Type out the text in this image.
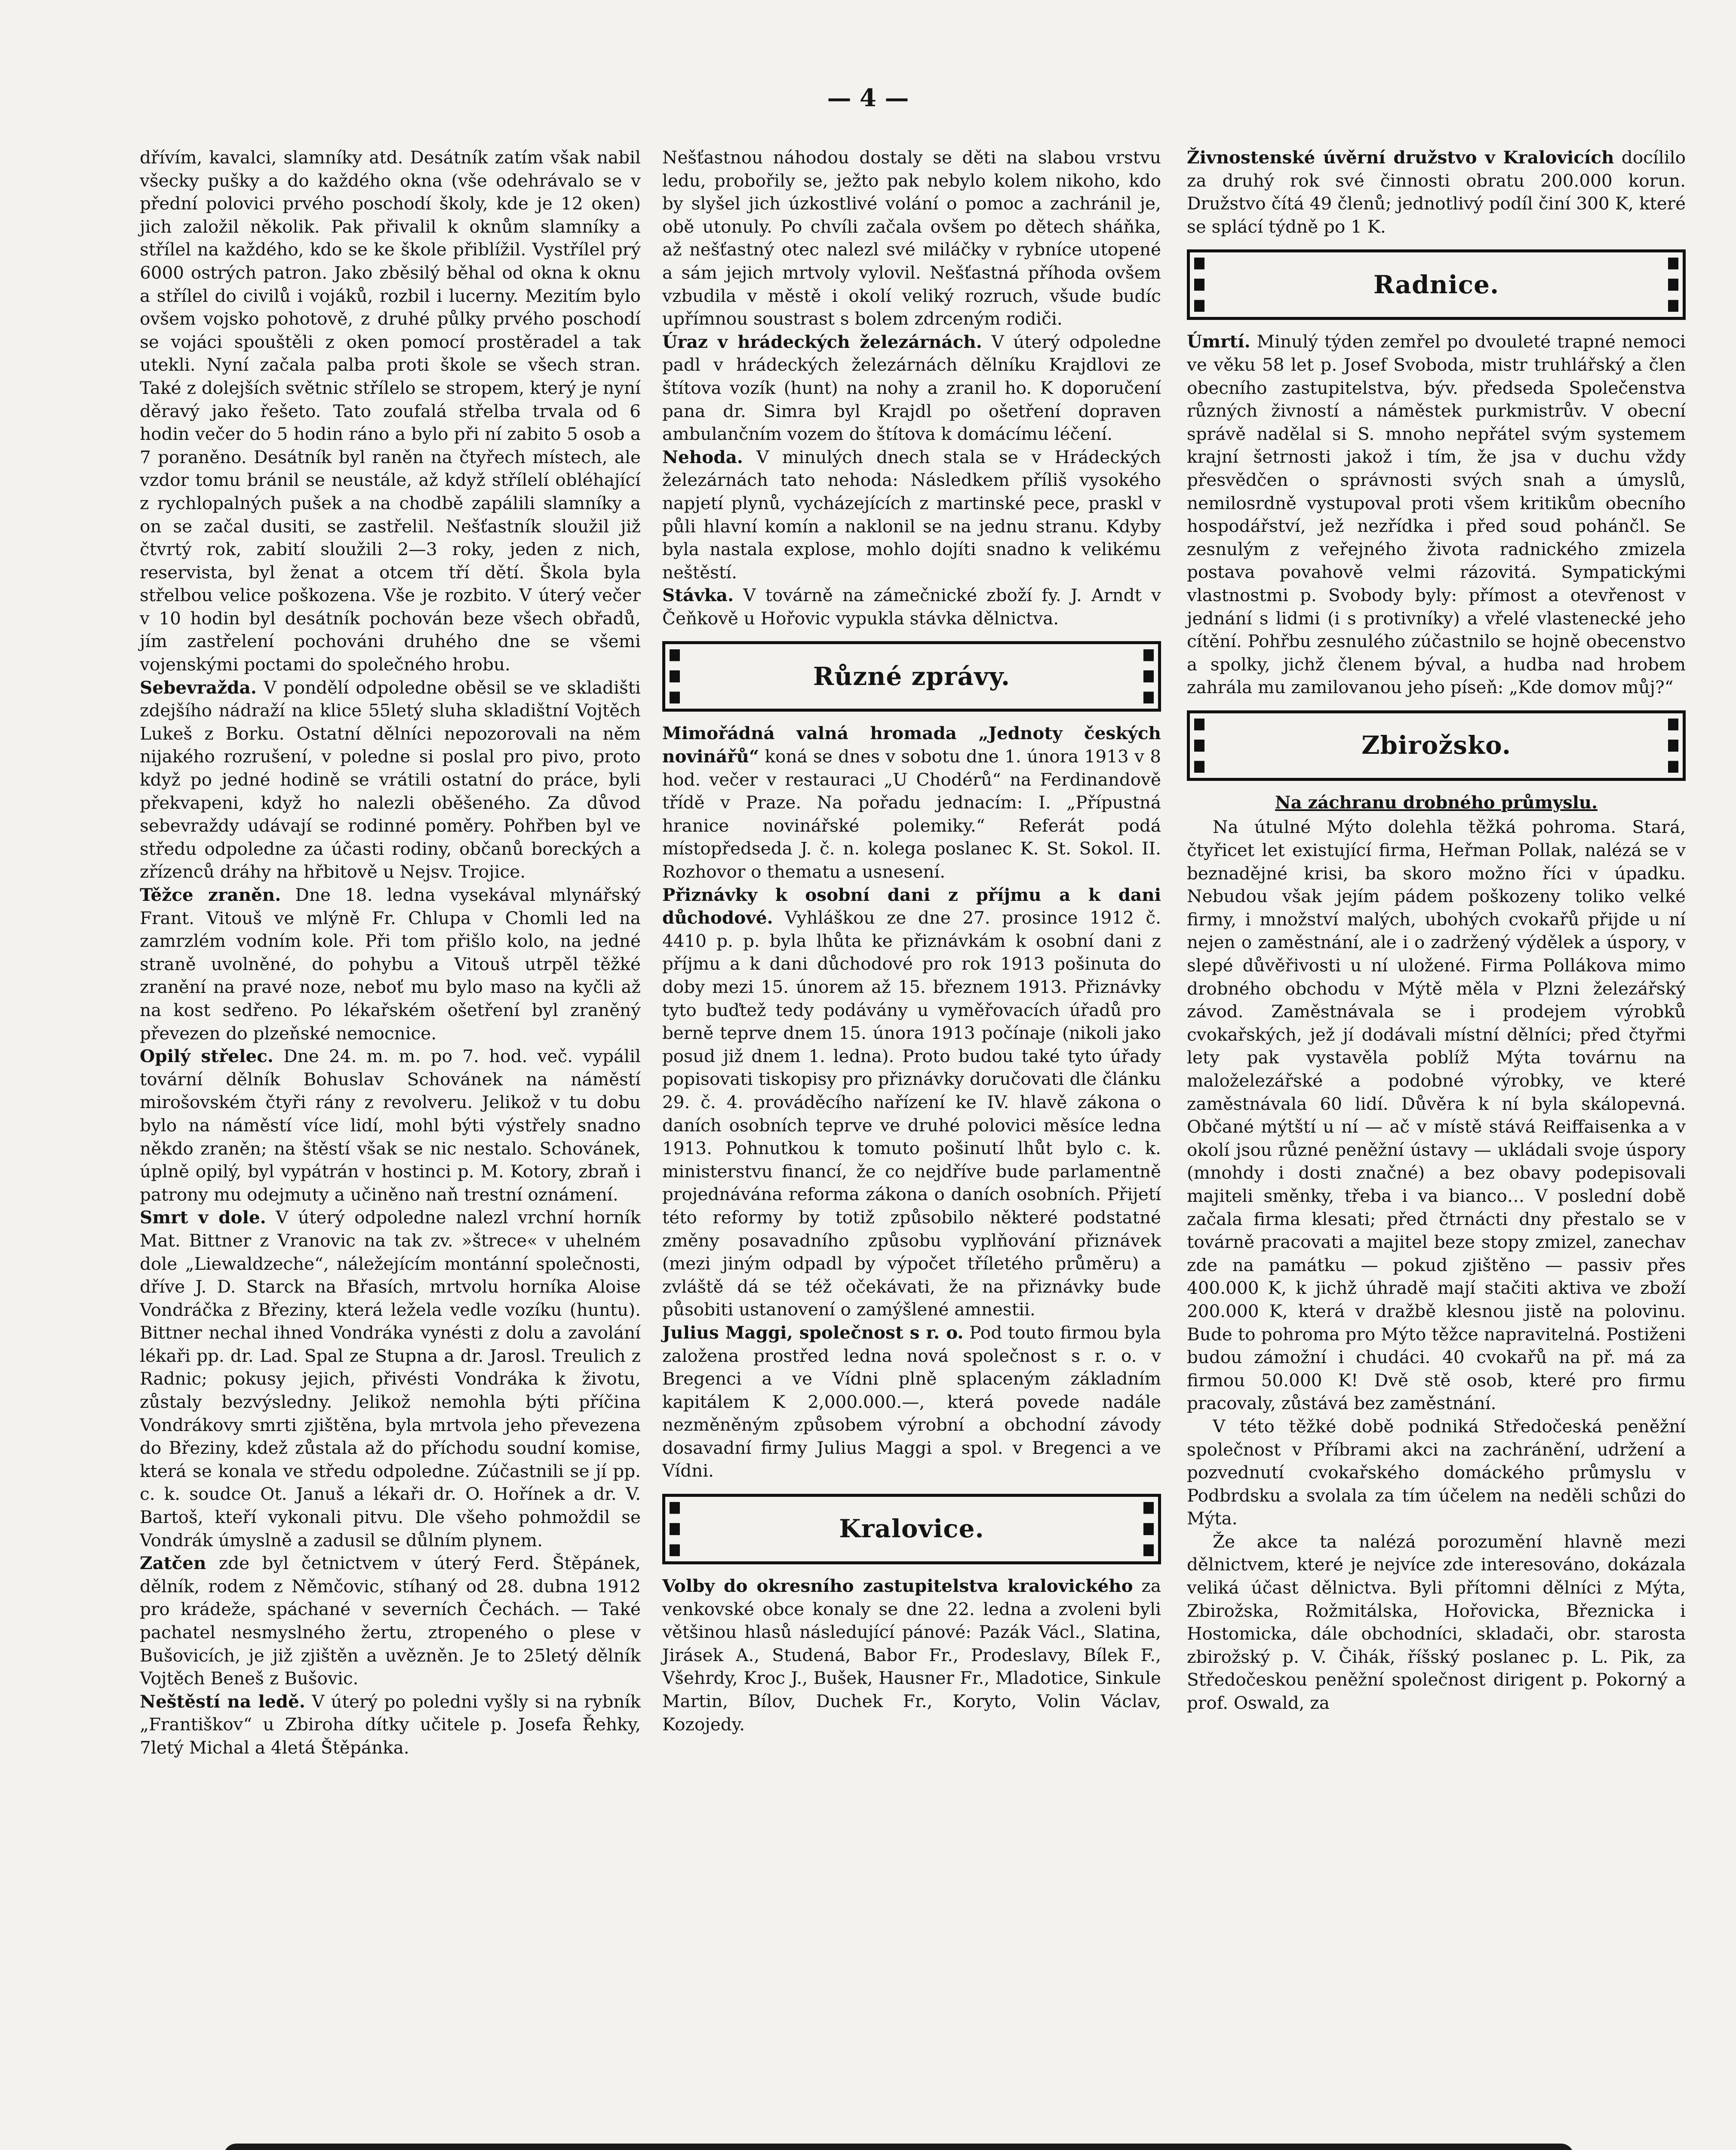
— 4 —

dřívím, kavalci, slamníky atd. Desátník zatím však nabil všecky pušky a do každého okna (vše odehrávalo se v přední polovici prvého poschodí školy, kde je 12 oken) jich založil několik. Pak přivalil k oknům slamníky a střílel na každého, kdo se ke škole přiblížil. Vystřílel prý 6000 ostrých patron. Jako zběsilý běhal od okna k oknu a střílel do civilů i vojáků, rozbil i lucerny. Mezitím bylo ovšem vojsko pohotově, z druhé půlky prvého poschodí se vojáci spouštěli z oken pomocí prostěradel a tak utekli. Nyní začala palba proti škole se všech stran. Také z dolejších světnic střílelo se stropem, který je nyní děravý jako řešeto. Tato zoufalá střelba trvala od 6 hodin večer do 5 hodin ráno a bylo při ní zabito 5 osob a 7 poraněno. Desátník byl raněn na čtyřech místech, ale vzdor tomu bránil se neustále, až když střílelí obléhající z rychlopalných pušek a na chodbě zapálili slamníky a on se začal dusiti, se zastřelil. Nešťastník sloužil již čtvrtý rok, zabití sloužili 2—3 roky, jeden z nich, reservista, byl ženat a otcem tří dětí. Škola byla střelbou velice poškozena. Vše je rozbito. V úterý večer v 10 hodin byl desátník pochován beze všech obřadů, jím zastřelení pochováni druhého dne se všemi vojenskými poctami do společného hrobu.

Sebevražda. V pondělí odpoledne oběsil se ve skladišti zdejšího nádraží na klice 55letý sluha skladištní Vojtěch Lukeš z Borku. Ostatní dělníci nepozorovali na něm nijakého rozrušení, v poledne si poslal pro pivo, proto když po jedné hodině se vrátili ostatní do práce, byli překvapeni, když ho nalezli oběšeného. Za důvod sebevraždy udávají se rodinné poměry. Pohřben byl ve středu odpoledne za účasti rodiny, občanů boreckých a zřízenců dráhy na hřbitově u Nejsv. Trojice.

Těžce zraněn. Dne 18. ledna vysekával mlynářský Frant. Vitouš ve mlýně Fr. Chlupa v Chomli led na zamrzlém vodním kole. Při tom přišlo kolo, na jedné straně uvolněné, do pohybu a Vitouš utrpěl těžké zranění na pravé noze, neboť mu bylo maso na kyčli až na kost sedřeno. Po lékařském ošetření byl zraněný převezen do plzeňské nemocnice.

Opilý střelec. Dne 24. m. m. po 7. hod. več. vypálil tovární dělník Bohuslav Schovánek na náměstí mirošovském čtyři rány z revolveru. Jelikož v tu dobu bylo na náměstí více lidí, mohl býti výstřely snadno někdo zraněn; na štěstí však se nic nestalo. Schovánek, úplně opilý, byl vypátrán v hostinci p. M. Kotory, zbraň i patrony mu odejmuty a učiněno naň trestní oznámení.

Smrt v dole. V úterý odpoledne nalezl vrchní horník Mat. Bittner z Vranovic na tak zv. »štrece« v uhelném dole „Liewaldzeche“, náležejícím montánní společnosti, dříve J. D. Starck na Břasích, mrtvolu horníka Aloise Vondráčka z Březiny, která ležela vedle vozíku (huntu). Bittner nechal ihned Vondráka vynésti z dolu a zavolání lékaři pp. dr. Lad. Spal ze Stupna a dr. Jarosl. Treulich z Radnic; pokusy jejich, přivésti Vondráka k životu, zůstaly bezvýsledny. Jelikož nemohla býti příčina Vondrákovy smrti zjištěna, byla mrtvola jeho převezena do Březiny, kdež zůstala až do příchodu soudní komise, která se konala ve středu odpoledne. Zúčastnili se jí pp. c. k. soudce Ot. Januš a lékaři dr. O. Hořínek a dr. V. Bartoš, kteří vykonali pitvu. Dle všeho pohmoždil se Vondrák úmyslně a zadusil se důlním plynem.

Zatčen zde byl četnictvem v úterý Ferd. Štěpánek, dělník, rodem z Němčovic, stíhaný od 28. dubna 1912 pro krádeže, spáchané v severních Čechách. — Také pachatel nesmyslného žertu, ztropeného o plese v Bušovicích, je již zjištěn a uvězněn. Je to 25letý dělník Vojtěch Beneš z Bušovic.

Neštěstí na ledě. V úterý po poledni vyšly si na rybník „Františkov“ u Zbiroha dítky učitele p. Josefa Řehky, 7letý Michal a 4letá Štěpánka.

Nešťastnou náhodou dostaly se děti na slabou vrstvu ledu, probořily se, ježto pak nebylo kolem nikoho, kdo by slyšel jich úzkostlivé volání o pomoc a zachránil je, obě utonuly. Po chvíli začala ovšem po dětech sháňka, až nešťastný otec nalezl své miláčky v rybníce utopené a sám jejich mrtvoly vylovil. Nešťastná příhoda ovšem vzbudila v městě i okolí veliký rozruch, všude budíc upřímnou soustrast s bolem zdrceným rodiči.

Úraz v hrádeckých železárnách. V úterý odpoledne padl v hrádeckých železárnách dělníku Krajdlovi ze štítova vozík (hunt) na nohy a zranil ho. K doporučení pana dr. Simra byl Krajdl po ošetření dopraven ambulančním vozem do štítova k domácímu léčení.

Nehoda. V minulých dnech stala se v Hrádeckých železárnách tato nehoda: Následkem příliš vysokého napjetí plynů, vycházejících z martinské pece, praskl v půli hlavní komín a naklonil se na jednu stranu. Kdyby byla nastala explose, mohlo dojíti snadno k velikému neštěstí.

Stávka. V továrně na zámečnické zboží fy. J. Arndt v Čeňkově u Hořovic vypukla stávka dělnictva.

Různé zprávy.

Mimořádná valná hromada „Jednoty českých novinářů“ koná se dnes v sobotu dne 1. února 1913 v 8 hod. večer v restauraci „U Chodérů“ na Ferdinandově třídě v Praze. Na pořadu jednacím: I. „Přípustná hranice novinářské polemiky.“ Referát podá místopředseda J. č. n. kolega poslanec K. St. Sokol. II. Rozhovor o thematu a usnesení.

Přiznávky k osobní dani z příjmu a k dani důchodové. Vyhláškou ze dne 27. prosince 1912 č. 4410 p. p. byla lhůta ke přiznávkám k osobní dani z příjmu a k dani důchodové pro rok 1913 pošinuta do doby mezi 15. únorem až 15. březnem 1913. Přiznávky tyto buďtež tedy podávány u vyměřovacích úřadů pro berně teprve dnem 15. února 1913 počínaje (nikoli jako posud již dnem 1. ledna). Proto budou také tyto úřady popisovati tiskopisy pro přiznávky doručovati dle článku 29. č. 4. prováděcího nařízení ke IV. hlavě zákona o daních osobních teprve ve druhé polovici měsíce ledna 1913. Pohnutkou k tomuto pošinutí lhůt bylo c. k. ministerstvu financí, že co nejdříve bude parlamentně projednávána reforma zákona o daních osobních. Přijetí této reformy by totiž způsobilo některé podstatné změny posavadního způsobu vyplňování přiznávek (mezi jiným odpadl by výpočet tříletého průměru) a zvláště dá se též očekávati, že na přiznávky bude působiti ustanovení o zamýšlené amnestii.

Julius Maggi, společnost s r. o. Pod touto firmou byla založena prostřed ledna nová společnost s r. o. v Bregenci a ve Vídni plně splaceným základním kapitálem K 2,000.000.—, která povede nadále nezměněným způsobem výrobní a obchodní závody dosavadní firmy Julius Maggi a spol. v Bregenci a ve Vídni.

Kralovice.

Volby do okresního zastupitelstva kralovického za venkovské obce konaly se dne 22. ledna a zvoleni byli většinou hlasů následující pánové: Pazák Václ., Slatina, Jirásek A., Studená, Babor Fr., Prodeslavy, Bílek F., Všehrdy, Kroc J., Bušek, Hausner Fr., Mladotice, Sinkule Martin, Bílov, Duchek Fr., Koryto, Volin Václav, Kozojedy.

Živnostenské úvěrní družstvo v Kralovicích docílilo za druhý rok své činnosti obratu 200.000 korun. Družstvo čítá 49 členů; jednotlivý podíl činí 300 K, které se splácí týdně po 1 K.

Radnice.

Úmrtí. Minulý týden zemřel po dvouleté trapné nemoci ve věku 58 let p. Josef Svoboda, mistr truhlářský a člen obecního zastupitelstva, býv. předseda Společenstva různých živností a náměstek purkmistrův. V obecní správě nadělal si S. mnoho nepřátel svým systemem krajní šetrnosti jakož i tím, že jsa v duchu vždy přesvědčen o správnosti svých snah a úmyslů, nemilosrdně vystupoval proti všem kritikům obecního hospodářství, jež nezřídka i před soud pohánčl. Se zesnulým z veřejného života radnického zmizela postava povahově velmi rázovitá. Sympatickými vlastnostmi p. Svobody byly: přímost a otevřenost v jednání s lidmi (i s protivníky) a vřelé vlastenecké jeho cítění. Pohřbu zesnulého zúčastnilo se hojně obecenstvo a spolky, jichž členem býval, a hudba nad hrobem zahrála mu zamilovanou jeho píseň: „Kde domov můj?“

Zbirožsko.
Na záchranu drobného průmyslu.

Na útulné Mýto dolehla těžká pohroma. Stará, čtyřicet let existující firma, Heřman Pollak, nalézá se v beznadějné krisi, ba skoro možno říci v úpadku. Nebudou však jejím pádem poškozeny toliko velké firmy, i množství malých, ubohých cvokařů přijde u ní nejen o zaměstnání, ale i o zadržený výdělek a úspory, v slepé důvěřivosti u ní uložené. Firma Pollákova mimo drobného obchodu v Mýtě měla v Plzni železářský závod. Zaměstnávala se i prodejem výrobků cvokařských, jež jí dodávali místní dělníci; před čtyřmi lety pak vystavěla poblíž Mýta továrnu na maloželezářské a podobné výrobky, ve které zaměstnávala 60 lidí. Důvěra k ní byla skálopevná. Občané mýtští u ní — ač v místě stává Reiffaisenka a v okolí jsou různé peněžní ústavy — ukládali svoje úspory (mnohdy i dosti značné) a bez obavy podepisovali majiteli směnky, třeba i va bianco… V poslední době začala firma klesati; před čtrnácti dny přestalo se v továrně pracovati a majitel beze stopy zmizel, zanechav zde na památku — pokud zjištěno — passiv přes 400.000 K, k jichž úhradě mají stačiti aktiva ve zboží 200.000 K, která v dražbě klesnou jistě na polovinu. Bude to pohroma pro Mýto těžce napravitelná. Postiženi budou zámožní i chudáci. 40 cvokařů na př. má za firmou 50.000 K! Dvě stě osob, které pro firmu pracovaly, zůstává bez zaměstnání.

V této těžké době podniká Středočeská peněžní společnost v Příbrami akci na zachránění, udržení a pozvednutí cvokařského domáckého průmyslu v Podbrdsku a svolala za tím účelem na neděli schůzi do Mýta.

Že akce ta nalézá porozumění hlavně mezi dělnictvem, které je nejvíce zde interesováno, dokázala veliká účast dělnictva. Byli přítomni dělníci z Mýta, Zbirožska, Rožmitálska, Hořovicka, Březnicka i Hostomicka, dále obchodníci, skladači, obr. starosta zbirožský p. V. Čihák, říšský poslanec p. L. Pik, za Středočeskou peněžní společnost dirigent p. Pokorný a prof. Oswald, za
